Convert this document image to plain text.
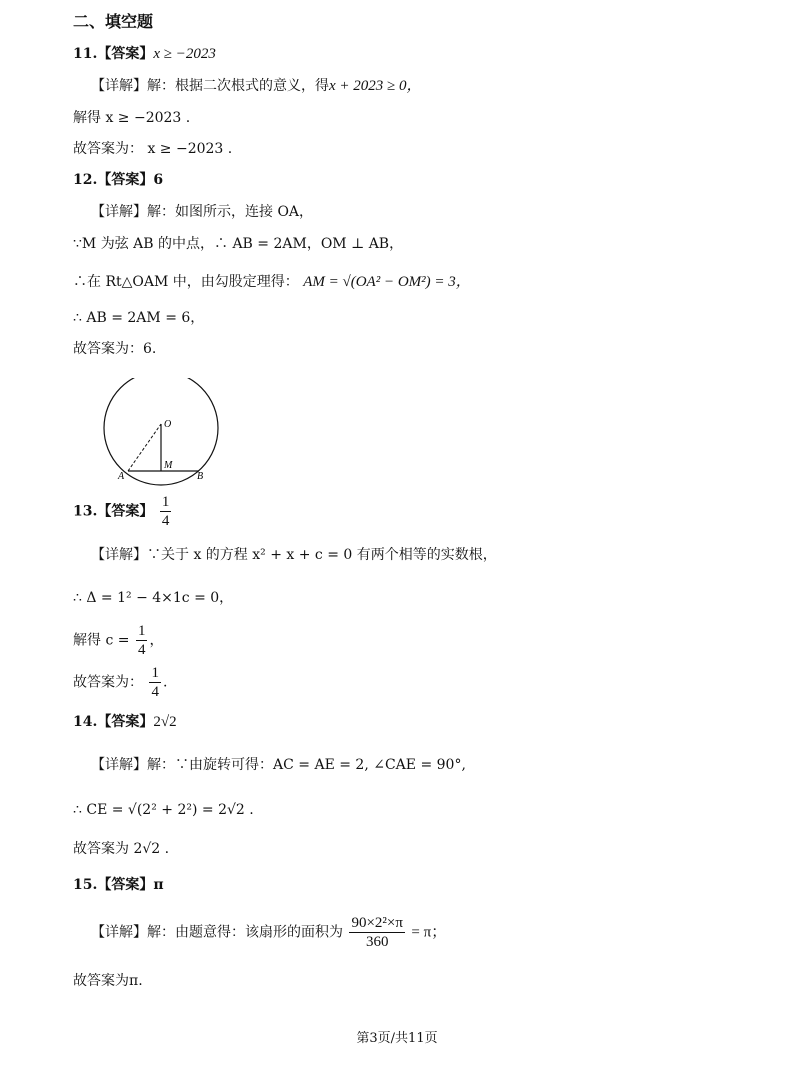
二、填空题
11.【答案】x ≥ −2023
【详解】解：根据二次根式的意义，得x + 2023 ≥ 0，
解得 x ≥ −2023 .
故答案为： x ≥ −2023 .
12.【答案】6
【详解】解：如图所示，连接 OA，
∵M 为弦 AB 的中点，∴ AB = 2AM，OM ⊥ AB，
∴在 Rt△OAM 中，由勾股定理得： AM = √(OA² − OM²) = 3，
∴ AB = 2AM = 6，
故答案为：6.
O
M
A	B
13.【答案】 $\frac{1}{4}$
【详解】∵关于 x 的方程 x² + x + c = 0 有两个相等的实数根，
∴ Δ = 1² − 4×1c = 0，
解得 $c = \frac{1}{4}$ ，
故答案为： $\frac{1}{4}$ .
14.【答案】2√2
【详解】解：∵由旋转可得：AC = AE = 2, ∠CAE = 90°,
∴ CE = √(2² + 2²) = 2√2 .
故答案为 2√2 .
15.【答案】π
【详解】解：由题意得：该扇形的面积为 $\frac{\text{90×2²×π}}{360} = \pi$；
故答案为π.
第3页/共11页
